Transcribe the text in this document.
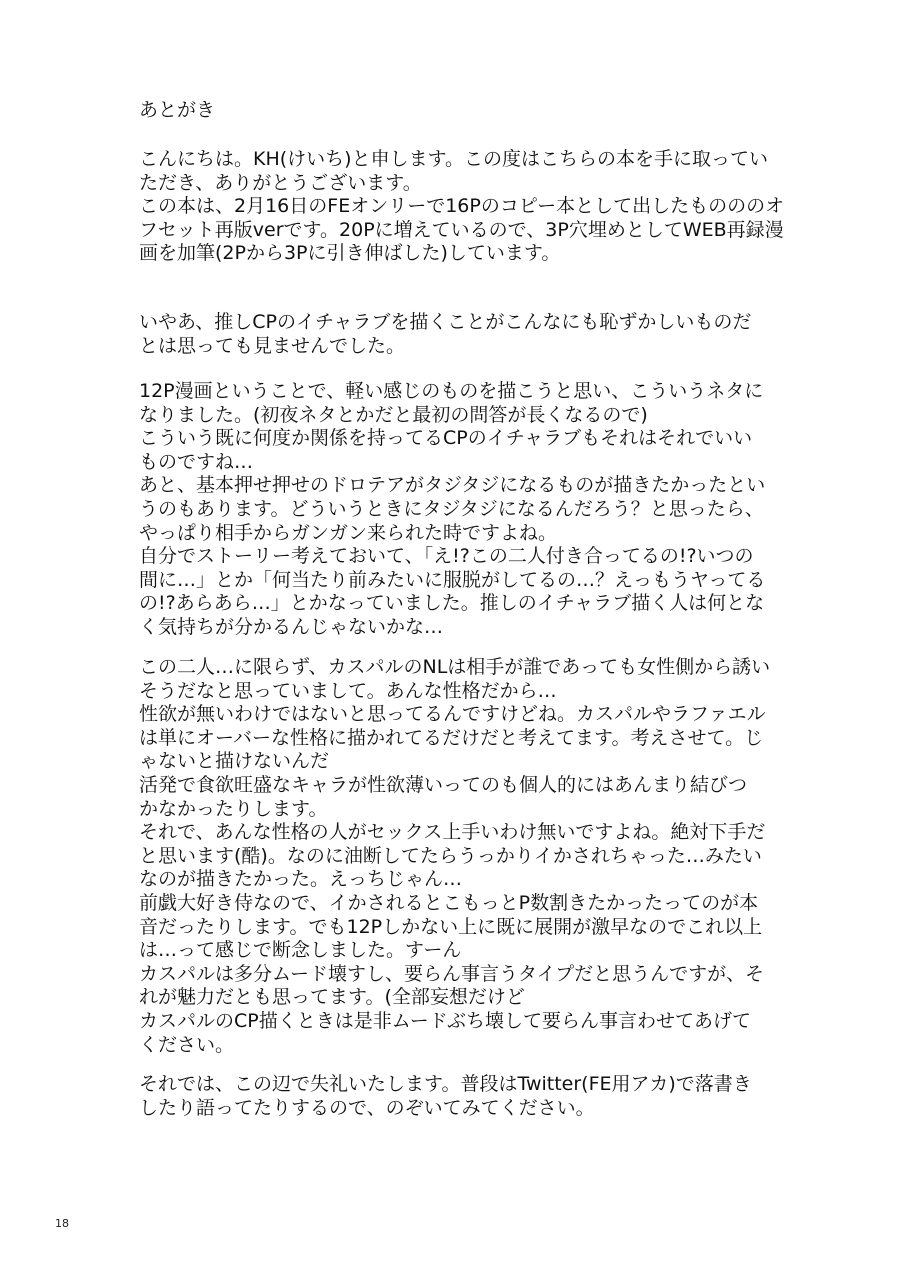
あとがき
こんにちは。KH(けいち)と申します。この度はこちらの本を手に取ってい
ただき、ありがとうございます。
この本は、2月16日のFEオンリーで16Pのコピー本として出したものののオ
フセット再版verです。20Pに増えているので、3P穴埋めとしてWEB再録漫
画を加筆(2Pから3Pに引き伸ばした)しています。
いやあ、推しCPのイチャラブを描くことがこんなにも恥ずかしいものだ
とは思っても見ませんでした。
12P漫画ということで、軽い感じのものを描こうと思い、こういうネタに
なりました。(初夜ネタとかだと最初の問答が長くなるので)
こういう既に何度か関係を持ってるCPのイチャラブもそれはそれでいい
ものですね…
あと、基本押せ押せのドロテアがタジタジになるものが描きたかったとい
うのもあります。どういうときにタジタジになるんだろう？と思ったら、
やっぱり相手からガンガン来られた時ですよね。
自分でストーリー考えておいて、「え!?この二人付き合ってるの!?いつの
間に…」とか「何当たり前みたいに服脱がしてるの…？えっもうヤってる
の!?あらあら…」とかなっていました。推しのイチャラブ描く人は何とな
く気持ちが分かるんじゃないかな…
この二人…に限らず、カスパルのNLは相手が誰であっても女性側から誘い
そうだなと思っていまして。あんな性格だから…
性欲が無いわけではないと思ってるんですけどね。カスパルやラファエル
は単にオーバーな性格に描かれてるだけだと考えてます。考えさせて。じ
ゃないと描けないんだ
活発で食欲旺盛なキャラが性欲薄いってのも個人的にはあんまり結びつ
かなかったりします。
それで、あんな性格の人がセックス上手いわけ無いですよね。絶対下手だ
と思います(酷)。なのに油断してたらうっかりイかされちゃった…みたい
なのが描きたかった。えっちじゃん…
前戯大好き侍なので、イかされるとこもっとP数割きたかったってのが本
音だったりします。でも12Pしかない上に既に展開が激早なのでこれ以上
は…って感じで断念しました。すーん
カスパルは多分ムード壊すし、要らん事言うタイプだと思うんですが、そ
れが魅力だとも思ってます。(全部妄想だけど
カスパルのCP描くときは是非ムードぶち壊して要らん事言わせてあげて
ください。
それでは、この辺で失礼いたします。普段はTwitter(FE用アカ)で落書き
したり語ってたりするので、のぞいてみてください。
18
